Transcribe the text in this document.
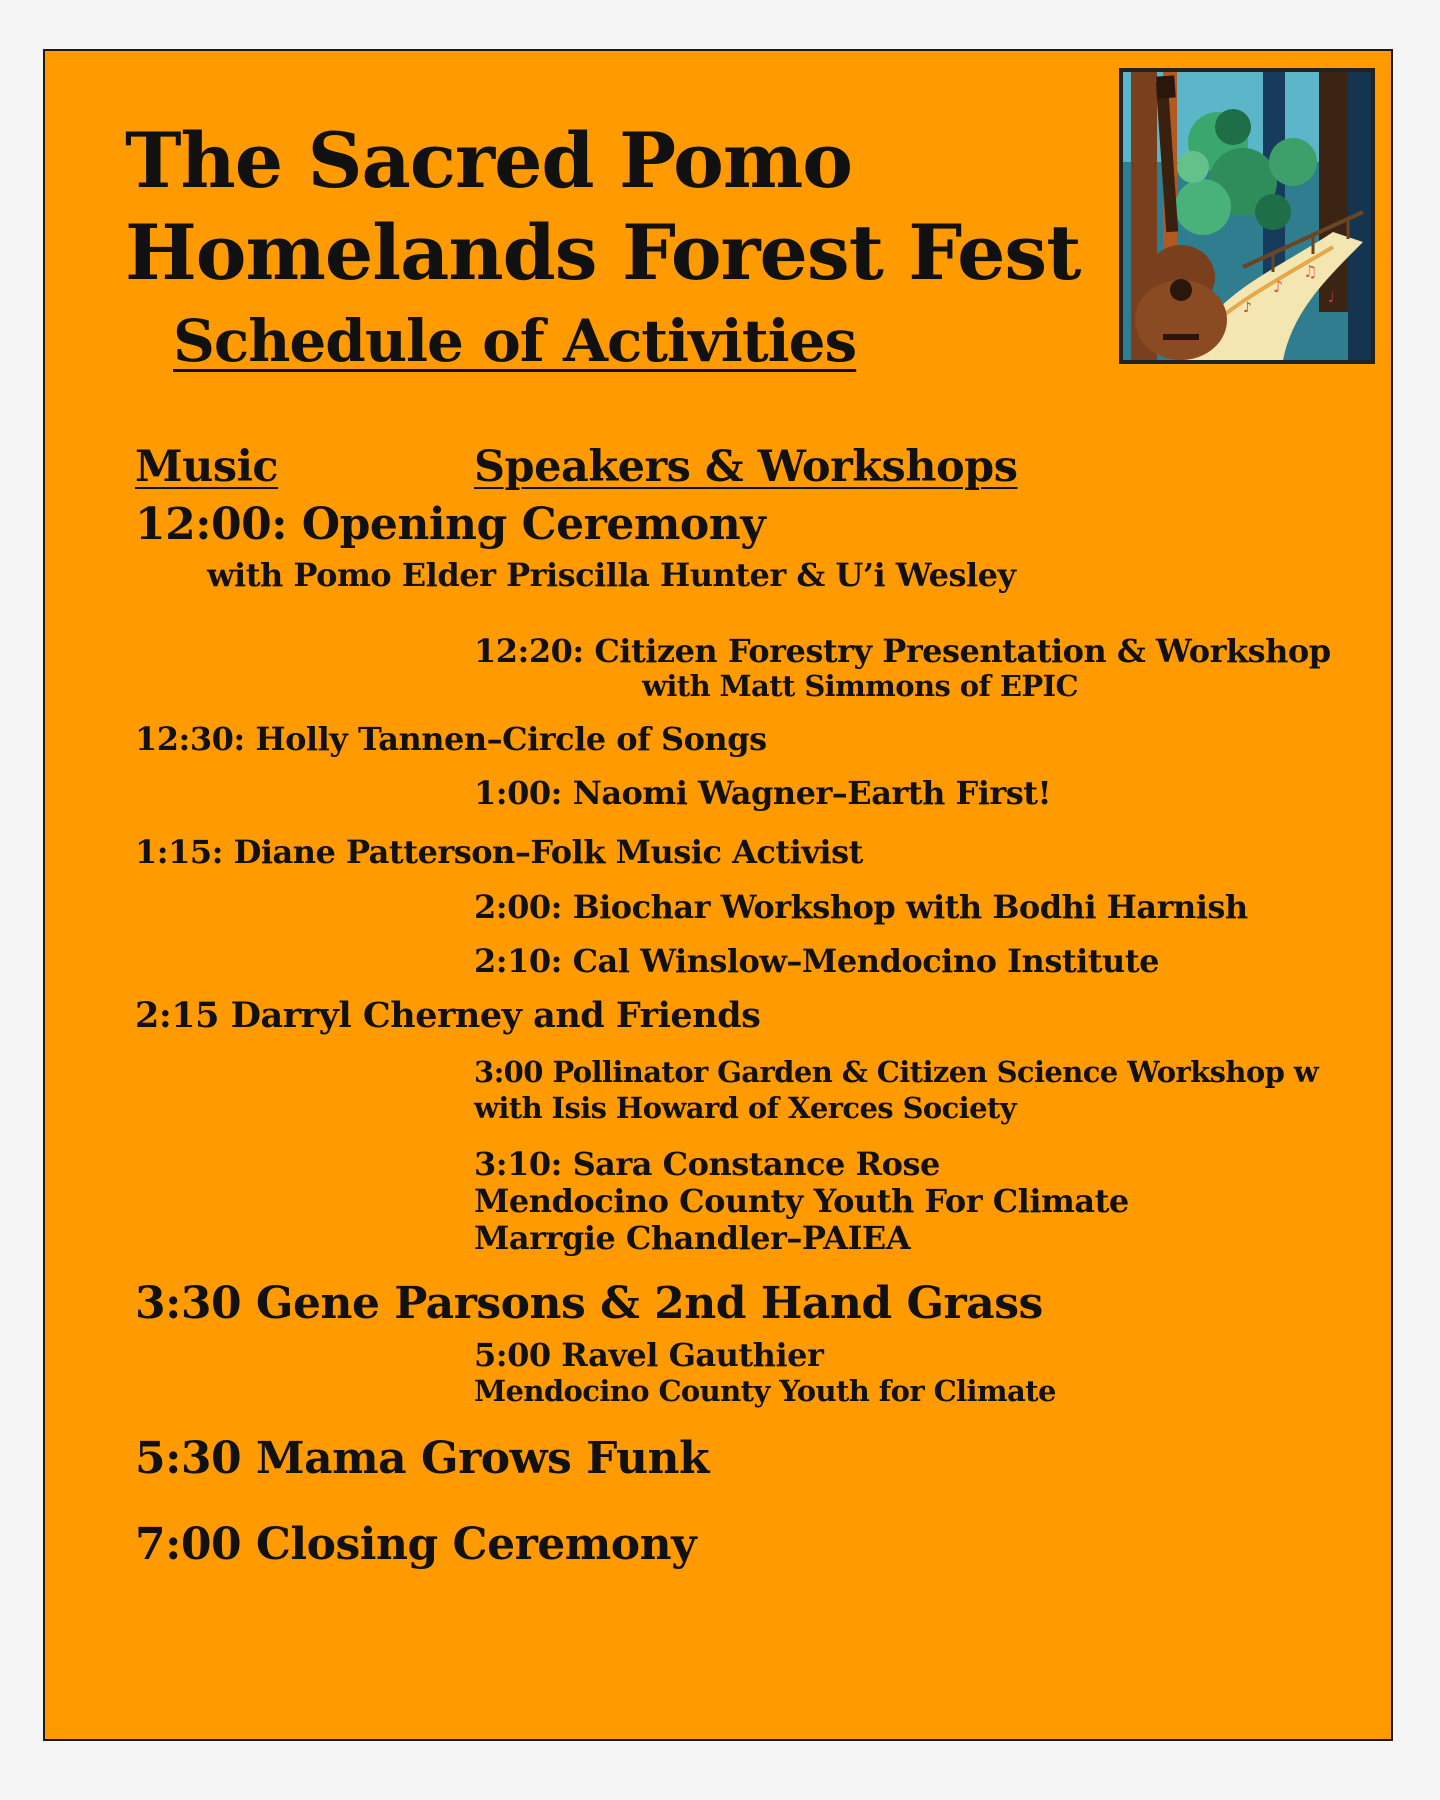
The Sacred Pomo
Homelands Forest Fest
Schedule of Activities
♪
♫
♪
♩
Music	Speakers & Workshops
12:00: Opening Ceremony
with Pomo Elder Priscilla Hunter & U’i Wesley
12:20: Citizen Forestry Presentation & Workshop
with Matt Simmons of EPIC
12:30: Holly Tannen–Circle of Songs
1:00: Naomi Wagner–Earth First!
1:15: Diane Patterson–Folk Music Activist
2:00: Biochar Workshop with Bodhi Harnish
2:10: Cal Winslow–Mendocino Institute
2:15 Darryl Cherney and Friends
3:00 Pollinator Garden & Citizen Science Workshop w
with Isis Howard of Xerces Society
3:10: Sara Constance Rose
Mendocino County Youth For Climate
Marrgie Chandler–PAIEA
3:30 Gene Parsons & 2nd Hand Grass
5:00 Ravel Gauthier
Mendocino County Youth for Climate
5:30 Mama Grows Funk
7:00 Closing Ceremony
